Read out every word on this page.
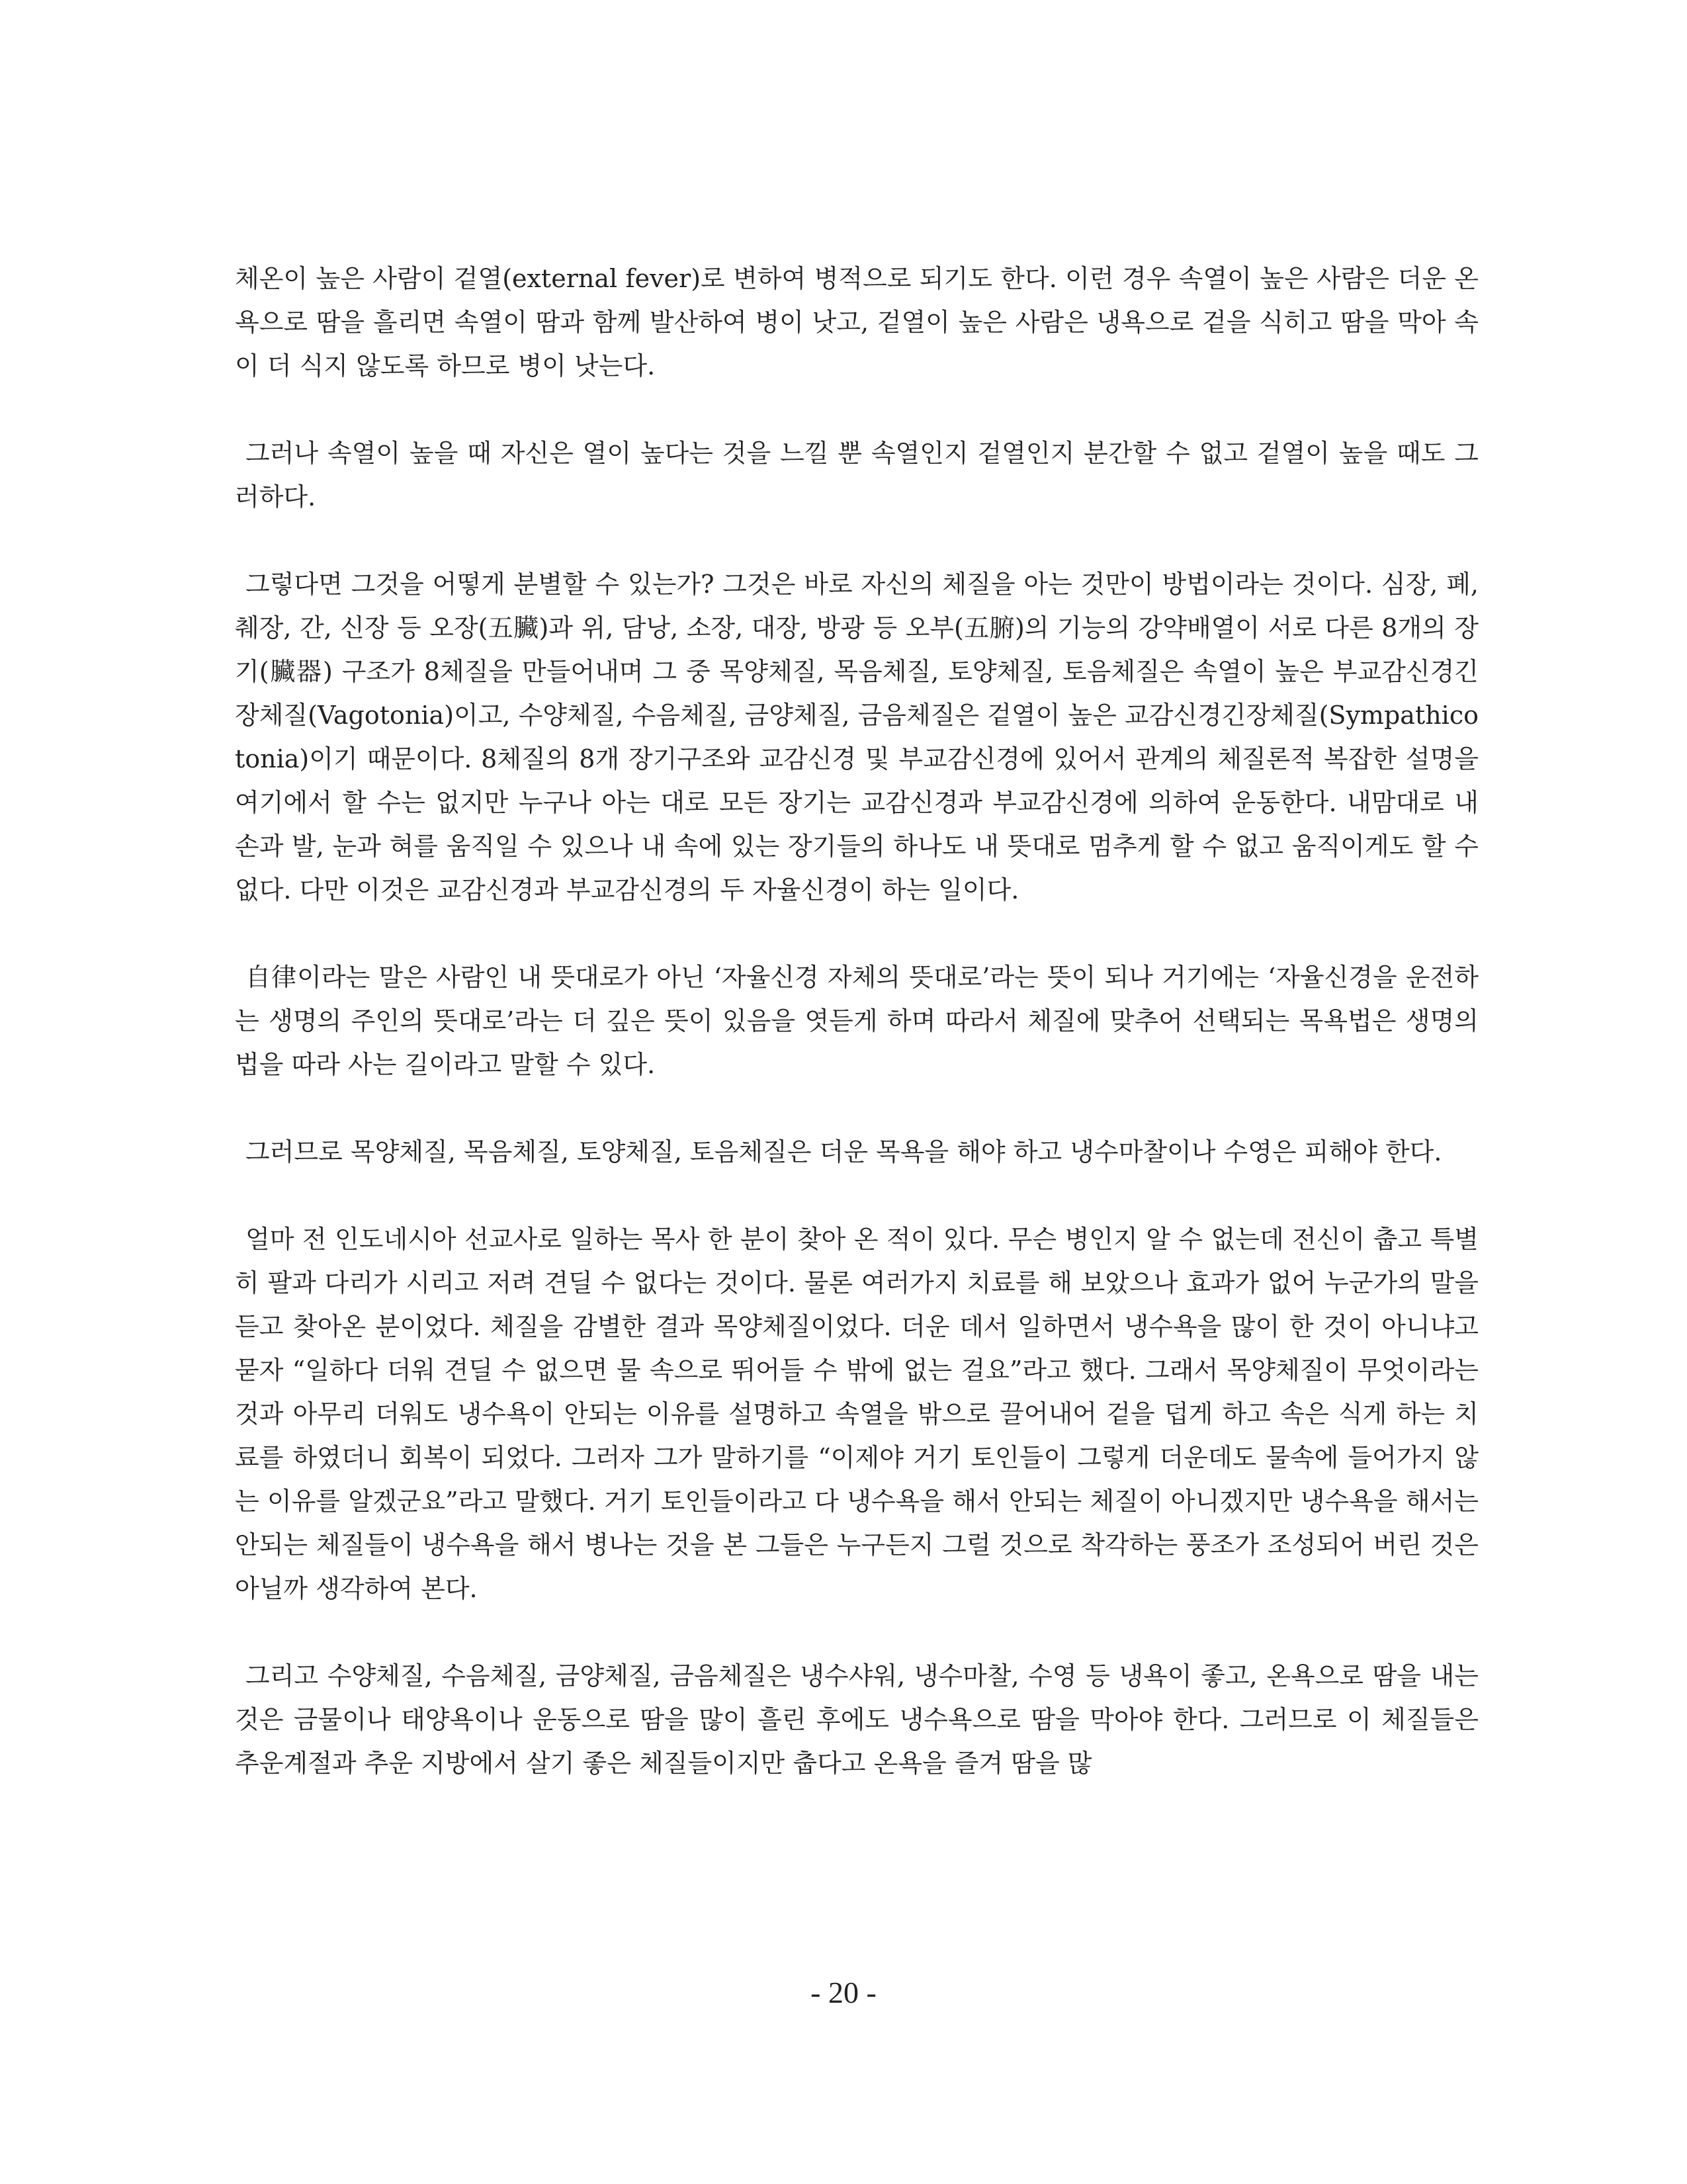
체온이 높은 사람이 겉열(external fever)로 변하여 병적으로 되기도 한다. 이런 경우 속열이 높은 사람은 더운 온욕으로 땀을 흘리면 속열이 땀과 함께 발산하여 병이 낫고, 겉열이 높은 사람은 냉욕으로 겉을 식히고 땀을 막아 속이 더 식지 않도록 하므로 병이 낫는다.

그러나 속열이 높을 때 자신은 열이 높다는 것을 느낄 뿐 속열인지 겉열인지 분간할 수 없고 겉열이 높을 때도 그러하다.

그렇다면 그것을 어떻게 분별할 수 있는가? 그것은 바로 자신의 체질을 아는 것만이 방법이라는 것이다. 심장, 폐, 췌장, 간, 신장 등 오장(五臟)과 위, 담낭, 소장, 대장, 방광 등 오부(五腑)의 기능의 강약배열이 서로 다른 8개의 장기(臟器) 구조가 8체질을 만들어내며 그 중 목양체질, 목음체질, 토양체질, 토음체질은 속열이 높은 부교감신경긴장체질(Vagotonia)이고, 수양체질, 수음체질, 금양체질, 금음체질은 겉열이 높은 교감신경긴장체질(Sympathicotonia)이기 때문이다. 8체질의 8개 장기구조와 교감신경 및 부교감신경에 있어서 관계의 체질론적 복잡한 설명을 여기에서 할 수는 없지만 누구나 아는 대로 모든 장기는 교감신경과 부교감신경에 의하여 운동한다. 내맘대로 내 손과 발, 눈과 혀를 움직일 수 있으나 내 속에 있는 장기들의 하나도 내 뜻대로 멈추게 할 수 없고 움직이게도 할 수 없다. 다만 이것은 교감신경과 부교감신경의 두 자율신경이 하는 일이다.

自律이라는 말은 사람인 내 뜻대로가 아닌 ‘자율신경 자체의 뜻대로’라는 뜻이 되나 거기에는 ‘자율신경을 운전하는 생명의 주인의 뜻대로’라는 더 깊은 뜻이 있음을 엿듣게 하며 따라서 체질에 맞추어 선택되는 목욕법은 생명의 법을 따라 사는 길이라고 말할 수 있다.

그러므로 목양체질, 목음체질, 토양체질, 토음체질은 더운 목욕을 해야 하고 냉수마찰이나 수영은 피해야 한다.

얼마 전 인도네시아 선교사로 일하는 목사 한 분이 찾아 온 적이 있다. 무슨 병인지 알 수 없는데 전신이 춥고 특별히 팔과 다리가 시리고 저려 견딜 수 없다는 것이다. 물론 여러가지 치료를 해 보았으나 효과가 없어 누군가의 말을 듣고 찾아온 분이었다. 체질을 감별한 결과 목양체질이었다. 더운 데서 일하면서 냉수욕을 많이 한 것이 아니냐고 묻자 “일하다 더워 견딜 수 없으면 물 속으로 뛰어들 수 밖에 없는 걸요”라고 했다. 그래서 목양체질이 무엇이라는 것과 아무리 더워도 냉수욕이 안되는 이유를 설명하고 속열을 밖으로 끌어내어 겉을 덥게 하고 속은 식게 하는 치료를 하였더니 회복이 되었다. 그러자 그가 말하기를 “이제야 거기 토인들이 그렇게 더운데도 물속에 들어가지 않는 이유를 알겠군요”라고 말했다. 거기 토인들이라고 다 냉수욕을 해서 안되는 체질이 아니겠지만 냉수욕을 해서는 안되는 체질들이 냉수욕을 해서 병나는 것을 본 그들은 누구든지 그럴 것으로 착각하는 풍조가 조성되어 버린 것은 아닐까 생각하여 본다.

그리고 수양체질, 수음체질, 금양체질, 금음체질은 냉수샤워, 냉수마찰, 수영 등 냉욕이 좋고, 온욕으로 땀을 내는 것은 금물이나 태양욕이나 운동으로 땀을 많이 흘린 후에도 냉수욕으로 땀을 막아야 한다. 그러므로 이 체질들은 추운계절과 추운 지방에서 살기 좋은 체질들이지만 춥다고 온욕을 즐겨 땀을 많

- 20 -
